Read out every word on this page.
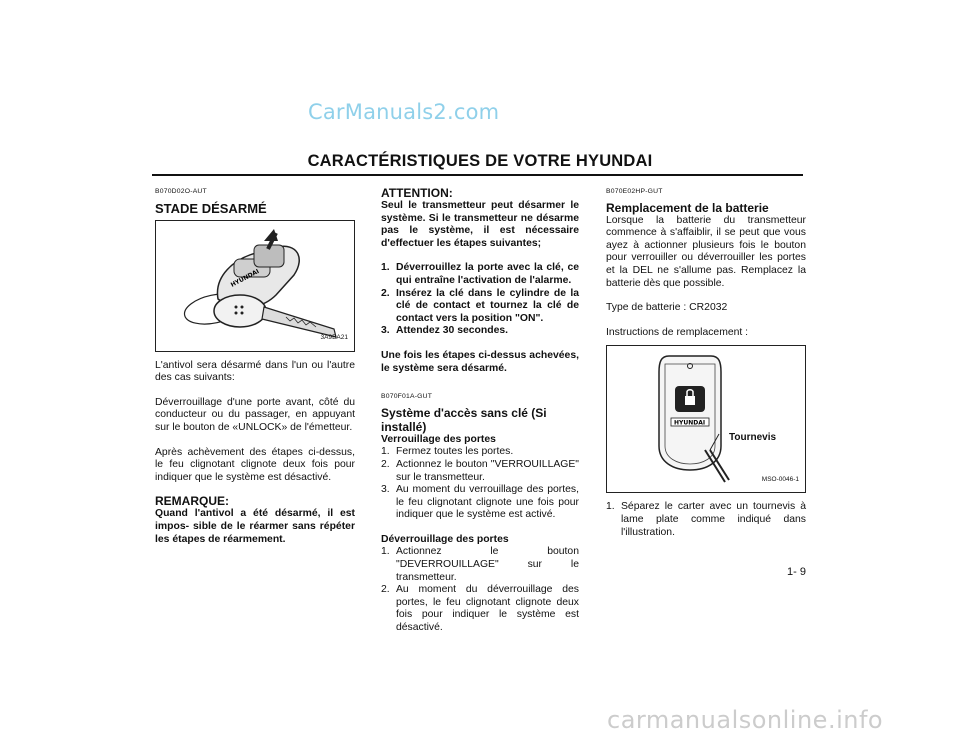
CarManuals2.com
CARACTÉRISTIQUES DE VOTRE HYUNDAI
B070D02O-AUT
STADE DÉSARMÉ
HYUNDAI
3A9BA21

L'antivol sera désarmé dans l'un ou l'autre des cas suivants:

Déverrouillage d'une porte avant, côté du conducteur ou du passager, en appuyant sur le bouton de «UNLOCK» de l'émetteur.

Après achèvement des étapes ci-dessus, le feu clignotant clignote deux fois pour indiquer que le système est désactivé.

REMARQUE:

Quand l'antivol a été désarmé, il est impos- sible de le réarmer sans répéter les étapes de réarmement.

ATTENTION:

Seul le transmetteur peut désarmer le système. Si le transmetteur ne désarme pas le système, il est nécessaire d'effectuer les étapes suivantes;

1. Déverrouillez la porte avec la clé, ce qui entraîne l'activation de l'alarme.
2. Insérez la clé dans le cylindre de la clé de contact et tournez la clé de contact vers la position "ON".
3. Attendez 30 secondes.

Une fois les étapes ci-dessus achevées, le système sera désarmé.

B070F01A-GUT
Système d'accès sans clé (Si installé)
Verrouillage des portes
1. Fermez toutes les portes.
2. Actionnez le bouton "VERROUILLAGE" sur le transmetteur.
3. Au moment du verrouillage des portes, le feu clignotant clignote une fois pour indiquer que le système est activé.
Déverrouillage des portes
1. Actionnez le bouton "DEVERROUILLAGE" sur le transmetteur.
2. Au moment du déverrouillage des portes, le feu clignotant clignote deux fois pour indiquer le système est désactivé.
B070E02HP-GUT
Remplacement de la batterie

Lorsque la batterie du transmetteur commence à s'affaiblir, il se peut que vous ayez à actionner plusieurs fois le bouton pour verrouiller ou déverrouiller les portes et la DEL ne s'allume pas. Remplacez la batterie dès que possible.

Type de batterie : CR2032

Instructions de remplacement :

HYUNDAI
Tournevis
MSO-0046-1
1. Séparez le carter avec un tournevis à lame plate comme indiqué dans l'illustration.
1- 9
carmanualsonline.info
